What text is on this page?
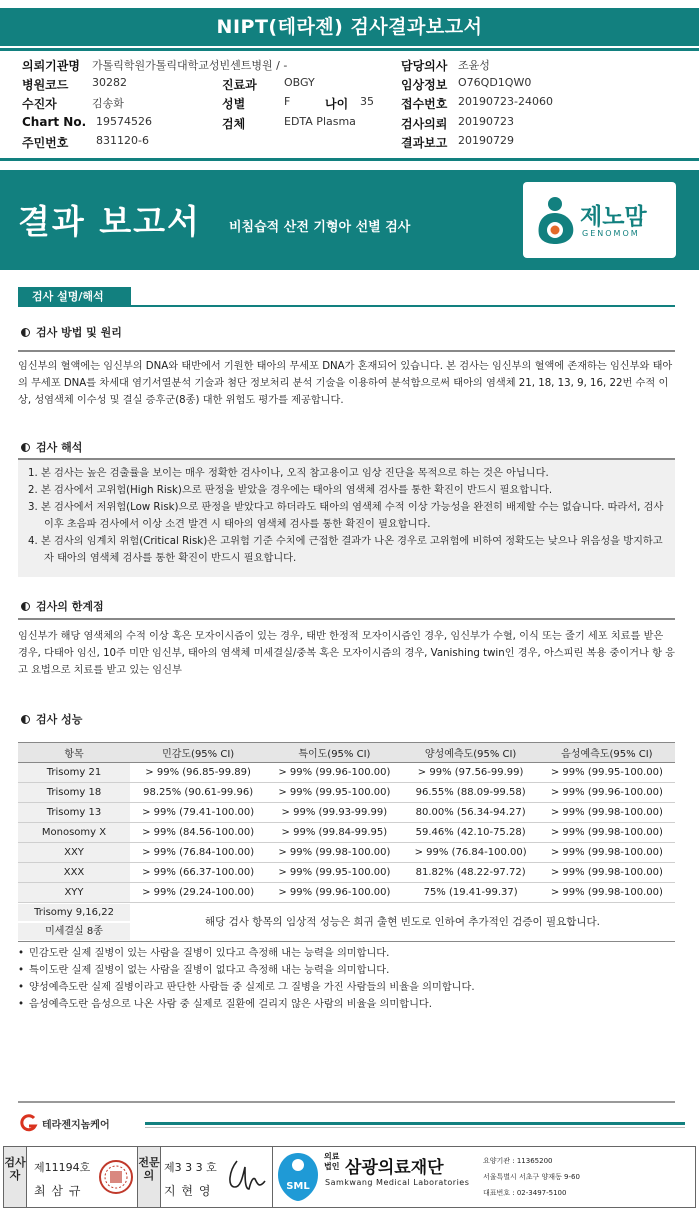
NIPT(테라젠) 검사결과보고서
의뢰기관명 가톨릭학원가톨릭대학교성빈센트병원 / -	담당의사 조윤성
병원코드 30282	진료과 OBGY	임상정보 O76QD1QW0
수진자	김송화	성별	F	나이 35 접수번호 20190723-24060
Chart No. 19574526	검체	EDTA Plasma	검사의뢰 20190723
주민번호	831120-6	결과보고 20190729
결과 보고서 비침습적 산전 기형아 선별 검사	제노맘
GENOMOM
검사 설명/해석
검사 방법 및 원리
임신부의 혈액에는 임신부의 DNA와 태반에서 기원한 태아의 무세포 DNA가 혼재되어 있습니다. 본 검사는 임신부의 혈액에 존재하는 임신부와 태아의 무세포 DNA를 차세대 염기서열분석 기술과 첨단 정보처리 분석 기술을 이용하여 분석함으로써 태아의 염색체 21, 18, 13, 9, 16, 22번 수적 이상, 성염색체 이수성 및 결실 증후군(8종) 대한 위험도 평가를 제공합니다.
검사 해석
1. 본 검사는 높은 검출률을 보이는 매우 정확한 검사이나, 오직 참고용이고 임상 진단을 목적으로 하는 것은 아닙니다.
2. 본 검사에서 고위험(High Risk)으로 판정을 받았을 경우에는 태아의 염색체 검사를 통한 확진이 반드시 필요합니다.
3. 본 검사에서 저위험(Low Risk)으로 판정을 받았다고 하더라도 태아의 염색체 수적 이상 가능성을 완전히 배제할 수는 없습니다. 따라서, 검사 이후 초음파 검사에서 이상 소견 발견 시 태아의 염색체 검사를 통한 확진이 필요합니다.
4. 본 검사의 임계치 위험(Critical Risk)은 고위험 기준 수치에 근접한 결과가 나온 경우로 고위험에 비하여 정확도는 낮으나 위음성을 방지하고자 태아의 염색체 검사를 통한 확진이 반드시 필요합니다.
검사의 한계점
임신부가 해당 염색체의 수적 이상 혹은 모자이시즘이 있는 경우, 태반 한정적 모자이시즘인 경우, 임신부가 수혈, 이식 또는 줄기 세포 치료를 받은 경우, 다태아 임신, 10주 미만 임신부, 태아의 염색체 미세결실/중복 혹은 모자이시즘의 경우, Vanishing twin인 경우, 아스피린 복용 중이거나 항 응고 요법으로 치료를 받고 있는 임신부
검사 성능
항목	민감도(95% CI)	특이도(95% CI)	양성예측도(95% CI)	음성예측도(95% CI)
Trisomy 21	> 99% (96.85-99.89)	> 99% (99.96-100.00)	> 99% (97.56-99.99)	> 99% (99.95-100.00)
Trisomy 18	98.25% (90.61-99.96)	> 99% (99.95-100.00)	96.55% (88.09-99.58)	> 99% (99.96-100.00)
Trisomy 13	> 99% (79.41-100.00)	> 99% (99.93-99.99)	80.00% (56.34-94.27)	> 99% (99.98-100.00)
Monosomy X	> 99% (84.56-100.00)	> 99% (99.84-99.95)	59.46% (42.10-75.28)	> 99% (99.98-100.00)
XXY	> 99% (76.84-100.00)	> 99% (99.98-100.00)	> 99% (76.84-100.00)	> 99% (99.98-100.00)
XXX	> 99% (66.37-100.00)	> 99% (99.95-100.00)	81.82% (48.22-97.72)	> 99% (99.98-100.00)
XYY	> 99% (29.24-100.00)	> 99% (99.96-100.00)	75% (19.41-99.37)	> 99% (99.98-100.00)
Trisomy 9,16,22
미세결실 8종
해당 검사 항목의 임상적 성능은 희귀 출현 빈도로 인하여 추가적인 검증이 필요합니다.
• 민감도란 실제 질병이 있는 사람을 질병이 있다고 측정해 내는 능력을 의미합니다.
• 특이도란 실제 질병이 없는 사람을 질병이 없다고 측정해 내는 능력을 의미합니다.
• 양성예측도란 실제 질병이라고 판단한 사람들 중 실제로 그 질병을 가진 사람들의 비율을 의미합니다.
• 음성예측도란 음성으로 나온 사람 중 실제로 질환에 걸리지 않은 사람의 비율을 의미합니다.
테라젠지놈케어
검사자
제11194호
최 삼 규
전문의
제3 3 3 호
지 현 영	SML
의료
법인 삼광의료재단
Samkwang Medical Laboratories
요양기관 : 11365200
서울특별시 서초구 양재동 9-60
대표번호 : 02-3497-5100
